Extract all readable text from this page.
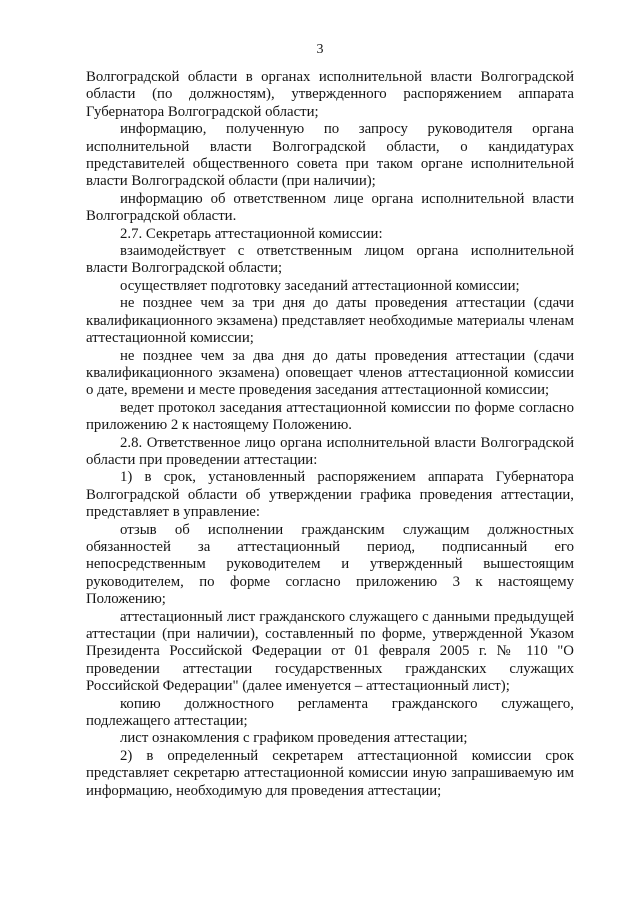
3

Волгоградской области в органах исполнительной власти Волгоградской области (по должностям), утвержденного распоряжением аппарата Губернатора Волгоградской области;

информацию, полученную по запросу руководителя органа исполнительной власти Волгоградской области, о кандидатурах представителей общественного совета при таком органе исполнительной власти Волгоградской области (при наличии);

информацию об ответственном лице органа исполнительной власти Волгоградской области.

2.7. Секретарь аттестационной комиссии:

взаимодействует с ответственным лицом органа исполнительной власти Волгоградской области;

осуществляет подготовку заседаний аттестационной комиссии;

не позднее чем за три дня до даты проведения аттестации (сдачи квалификационного экзамена) представляет необходимые материалы членам аттестационной комиссии;

не позднее чем за два дня до даты проведения аттестации (сдачи квалификационного экзамена) оповещает членов аттестационной комиссии о дате, времени и месте проведения заседания аттестационной комиссии;

ведет протокол заседания аттестационной комиссии по форме согласно приложению 2 к настоящему Положению.

2.8. Ответственное лицо органа исполнительной власти Волгоградской области при проведении аттестации:

1) в срок, установленный распоряжением аппарата Губернатора Волгоградской области об утверждении графика проведения аттестации, представляет в управление:

отзыв об исполнении гражданским служащим должностных обязанностей за аттестационный период, подписанный его непосредственным руководителем и утвержденный вышестоящим руководителем, по форме согласно приложению 3 к настоящему Положению;

аттестационный лист гражданского служащего с данными предыдущей аттестации (при наличии), составленный по форме, утвержденной Указом Президента Российской Федерации от 01 февраля 2005 г. № 110 "О проведении аттестации государственных гражданских служащих Российской Федерации" (далее именуется – аттестационный лист);

копию должностного регламента гражданского служащего, подлежащего аттестации;

лист ознакомления с графиком проведения аттестации;

2) в определенный секретарем аттестационной комиссии срок представляет секретарю аттестационной комиссии иную запрашиваемую им информацию, необходимую для проведения аттестации;
